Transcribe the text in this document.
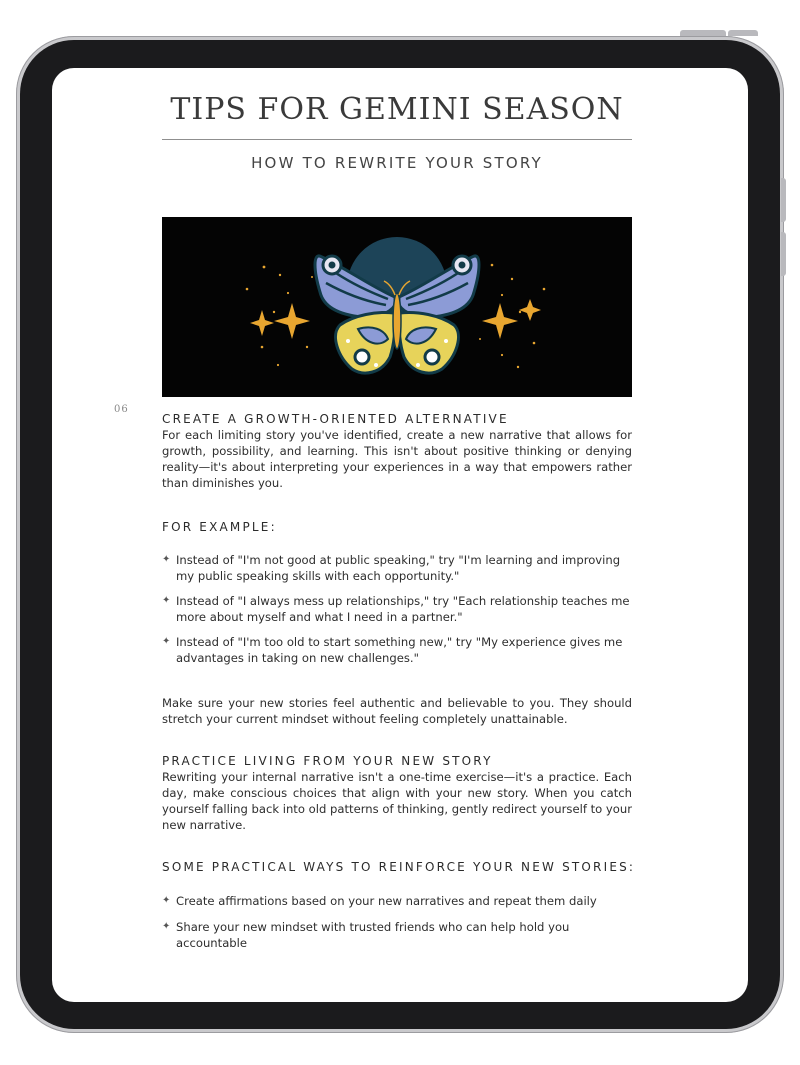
TIPS FOR GEMINI SEASON
HOW TO REWRITE YOUR STORY
06
CREATE A GROWTH-ORIENTED ALTERNATIVE

For each limiting story you've identified, create a new narrative that allows for growth, possibility, and learning. This isn't about positive thinking or denying reality—it's about interpreting your experiences in a way that empowers rather than diminishes you.

FOR EXAMPLE:
✦ Instead of "I'm not good at public speaking," try "I'm learning and improving my public speaking skills with each opportunity."
✦ Instead of "I always mess up relationships," try "Each relationship teaches me more about myself and what I need in a partner."
✦ Instead of "I'm too old to start something new," try "My experience gives me advantages in taking on new challenges."

Make sure your new stories feel authentic and believable to you. They should stretch your current mindset without feeling completely unattainable.

PRACTICE LIVING FROM YOUR NEW STORY

Rewriting your internal narrative isn't a one-time exercise—it's a practice. Each day, make conscious choices that align with your new story. When you catch yourself falling back into old patterns of thinking, gently redirect yourself to your new narrative.

SOME PRACTICAL WAYS TO REINFORCE YOUR NEW STORIES:
✦ Create affirmations based on your new narratives and repeat them daily
✦ Share your new mindset with trusted friends who can help hold you accountable
